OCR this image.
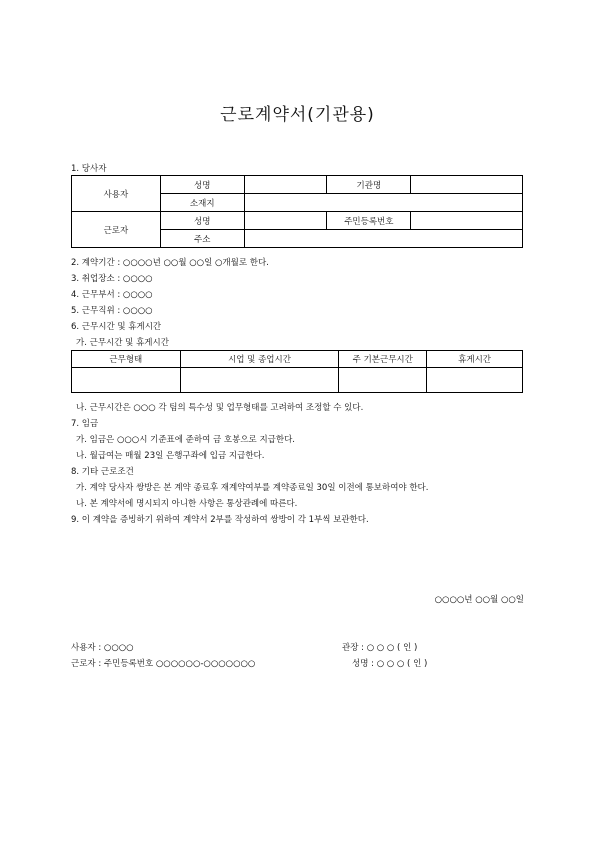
근로계약서(기관용)
1. 당사자
사용자	성명		기관명	
	소재지			
근로자	성명		주민등록번호	
	주소			
2. 계약기간 : ○○○○년 ○○월 ○○일 ○개월로 한다.
3. 취업장소 : ○○○○
4. 근무부서 : ○○○○
5. 근무직위 : ○○○○
6. 근무시간 및 휴게시간
가. 근무시간 및 휴게시간
근무형태	시업 및 종업시간	주 기본근무시간	휴게시간

나. 근무시간은 ○○○ 각 팀의 특수성 및 업무형태를 고려하여 조정할 수 있다.
7. 임금
가. 임금은 ○○○시 기준표에 준하여 금 호봉으로 지급한다.
나. 월급여는 매월 23일 은행구좌에 입금 지급한다.
8. 기타 근로조건
가. 계약 당사자 쌍방은 본 계약 종료후 재계약여부를 계약종료일 30일 이전에 통보하여야 한다.
나. 본 계약서에 명시되지 아니한 사항은 통상관례에 따른다.
9. 이 계약을 증빙하기 위하여 계약서 2부를 작성하여 쌍방이 각 1부씩 보관한다.
○○○○년 ○○월 ○○일
사용자 : ○○○○	관장 : ○ ○ ○ ( 인 )
근로자 : 주민등록번호 ○○○○○○-○○○○○○○	성명 : ○ ○ ○ ( 인 )
